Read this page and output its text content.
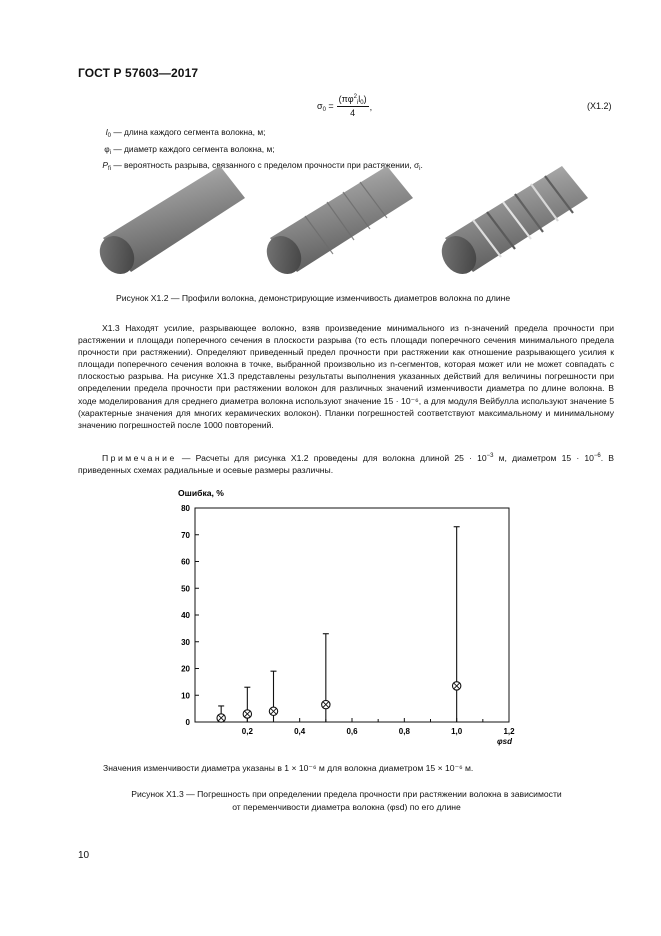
ГОСТ Р 57603—2017
$\sigma_0$ =	$(\pi\varphi^2_il_0)$	,
4
(X1.2)
$l_0$ — длина каждого сегмента волокна, м;
$\varphi_i$ — диаметр каждого сегмента волокна, м;
$P_{fi}$ — вероятность разрыва, связанного с пределом прочности при растяжении, $\sigma_i$.
Рисунок X1.2 — Профили волокна, демонстрирующие изменчивость диаметров волокна по длине

X1.3 Находят усилие, разрывающее волокно, взяв произведение минимального из n-значений предела прочности при растяжении и площади поперечного сечения в плоскости разрыва (то есть площади поперечного сечения минимального предела прочности при растяжении). Определяют приведенный предел прочности при растяжении как отношение разрывающего усилия к площади поперечного сечения волокна в точке, выбранной произвольно из n-сегментов, которая может или не может совпадать с плоскостью разрыва. На рисунке X1.3 представлены результаты выполнения указанных действий для величины погрешности при определении предела прочности при растяжении волокон для различных значений изменчивости диаметра по длине волокна. В ходе моделирования для среднего диаметра волокна используют значение 15 · 10⁻⁶, а для модуля Вейбулла используют значение 5 (характерные значения для многих керамических волокон). Планки погрешностей соответствуют максимальному и минимальному значению погрешностей после 1000 повторений.

Примечание — Расчеты для рисунка X1.2 проведены для волокна длиной $25 \cdot 10^{-3}$ м, диаметром $15 \cdot 10^{-6}$. В приведенных схемах радиальные и осевые размеры различны.

Ошибка, %
0
10
20
30
40
50
60
70
80
0,2	0,4	0,6	0,8	1,0	1,2
φsd
Значения изменчивости диаметра указаны в 1 × 10⁻⁶ м для волокна диаметром 15 × 10⁻⁶ м.
Рисунок X1.3 — Погрешность при определении предела прочности при растяжении волокна в зависимости
от переменчивости диаметра волокна (φsd) по его длине
10
